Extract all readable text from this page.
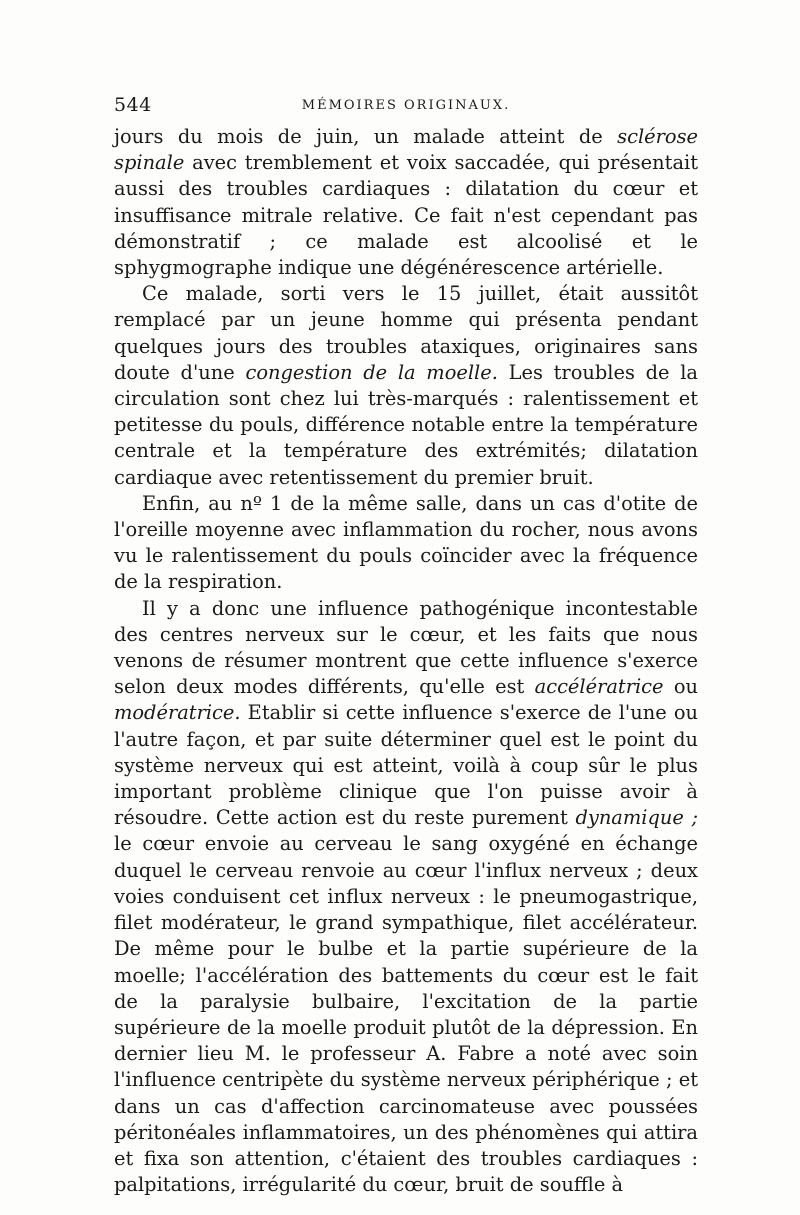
544	MÉMOIRES ORIGINAUX.

jours du mois de juin, un malade atteint de sclérose spinale avec tremblement et voix saccadée, qui présentait aussi des troubles cardiaques : dilatation du cœur et insuffisance mitrale relative. Ce fait n'est cependant pas démonstratif ; ce malade est alcoolisé et le sphygmographe indique une dégénérescence artérielle.

Ce malade, sorti vers le 15 juillet, était aussitôt remplacé par un jeune homme qui présenta pendant quelques jours des troubles ataxiques, originaires sans doute d'une congestion de la moelle. Les troubles de la circulation sont chez lui très-marqués : ralentissement et petitesse du pouls, différence notable entre la température centrale et la température des extrémités; dilatation cardiaque avec retentissement du premier bruit.

Enfin, au nº 1 de la même salle, dans un cas d'otite de l'oreille moyenne avec inflammation du rocher, nous avons vu le ralentissement du pouls coïncider avec la fréquence de la respiration.

Il y a donc une influence pathogénique incontestable des centres nerveux sur le cœur, et les faits que nous venons de résumer montrent que cette influence s'exerce selon deux modes différents, qu'elle est accélératrice ou modératrice. Etablir si cette influence s'exerce de l'une ou l'autre façon, et par suite déterminer quel est le point du système nerveux qui est atteint, voilà à coup sûr le plus important problème clinique que l'on puisse avoir à résoudre. Cette action est du reste purement dynamique ; le cœur envoie au cerveau le sang oxygéné en échange duquel le cerveau renvoie au cœur l'influx nerveux ; deux voies conduisent cet influx nerveux : le pneumogastrique, filet modérateur, le grand sympathique, filet accélérateur. De même pour le bulbe et la partie supérieure de la moelle; l'accélération des battements du cœur est le fait de la paralysie bulbaire, l'excitation de la partie supérieure de la moelle produit plutôt de la dépression. En dernier lieu M. le professeur A. Fabre a noté avec soin l'influence centripète du système nerveux périphérique ; et dans un cas d'affection carcinomateuse avec poussées péritonéales inflammatoires, un des phénomènes qui attira et fixa son attention, c'étaient des troubles cardiaques : palpitations, irrégularité du cœur, bruit de souffle à
